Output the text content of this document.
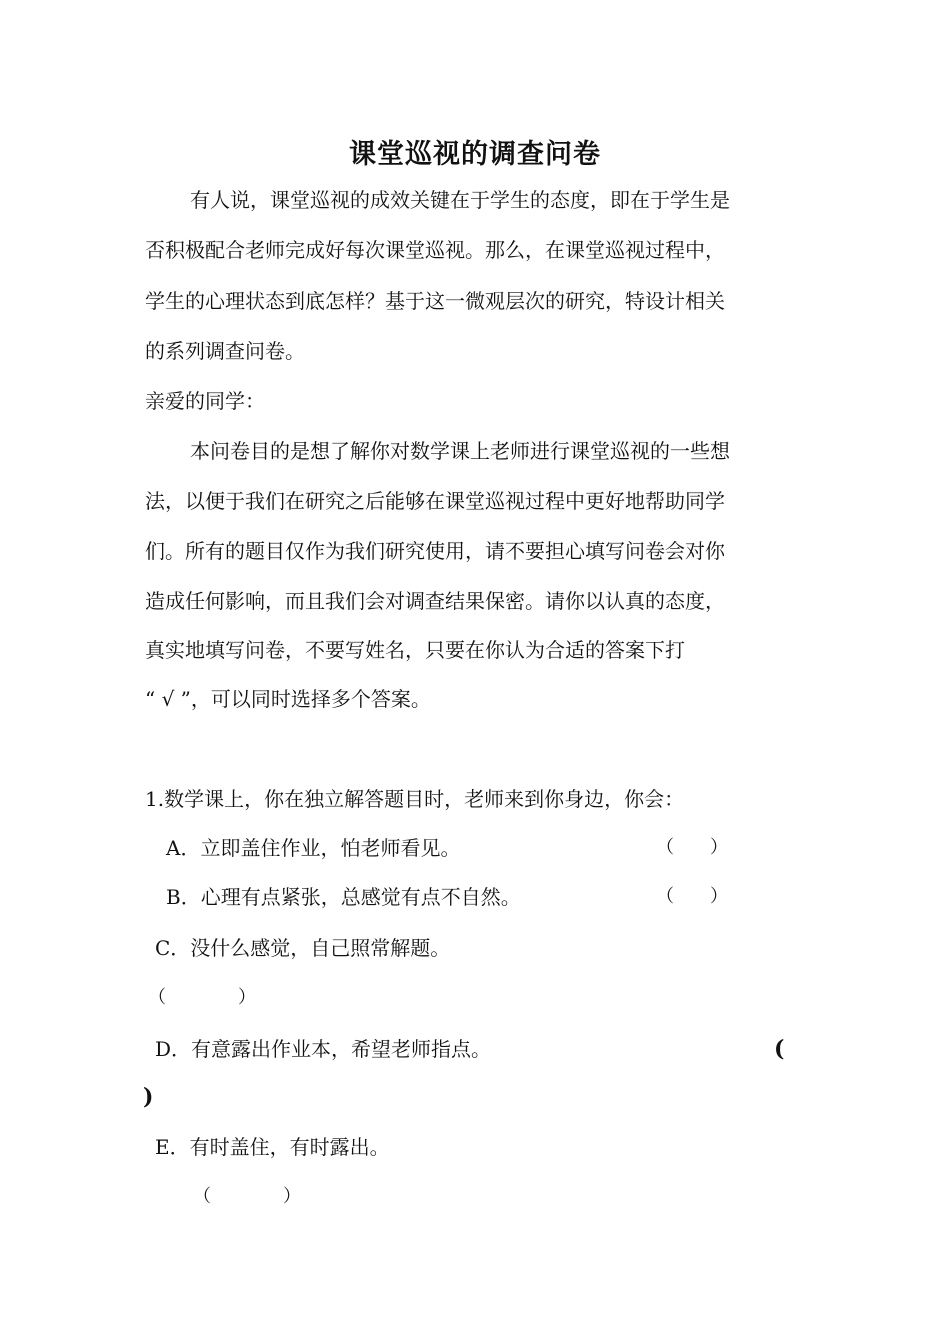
课堂巡视的调查问卷

有人说，课堂巡视的成效关键在于学生的态度，即在于学生是

否积极配合老师完成好每次课堂巡视。那么，在课堂巡视过程中，

学生的心理状态到底怎样？基于这一微观层次的研究，特设计相关

的系列调查问卷。

亲爱的同学：

本问卷目的是想了解你对数学课上老师进行课堂巡视的一些想

法，以便于我们在研究之后能够在课堂巡视过程中更好地帮助同学

们。所有的题目仅作为我们研究使用，请不要担心填写问卷会对你

造成任何影响，而且我们会对调查结果保密。请你以认真的态度，

真实地填写问卷，不要写姓名，只要在你认为合适的答案下打

“ √ ”，可以同时选择多个答案。

1.数学课上，你在独立解答题目时，老师来到你身边，你会：

A．立即盖住作业，怕老师看见。	（　　）

B．心理有点紧张，总感觉有点不自然。	（　　）

C．没什么感觉，自己照常解题。

（　　　　）

D．有意露出作业本，希望老师指点。	(
)

E．有时盖住，有时露出。

（　　　　）
